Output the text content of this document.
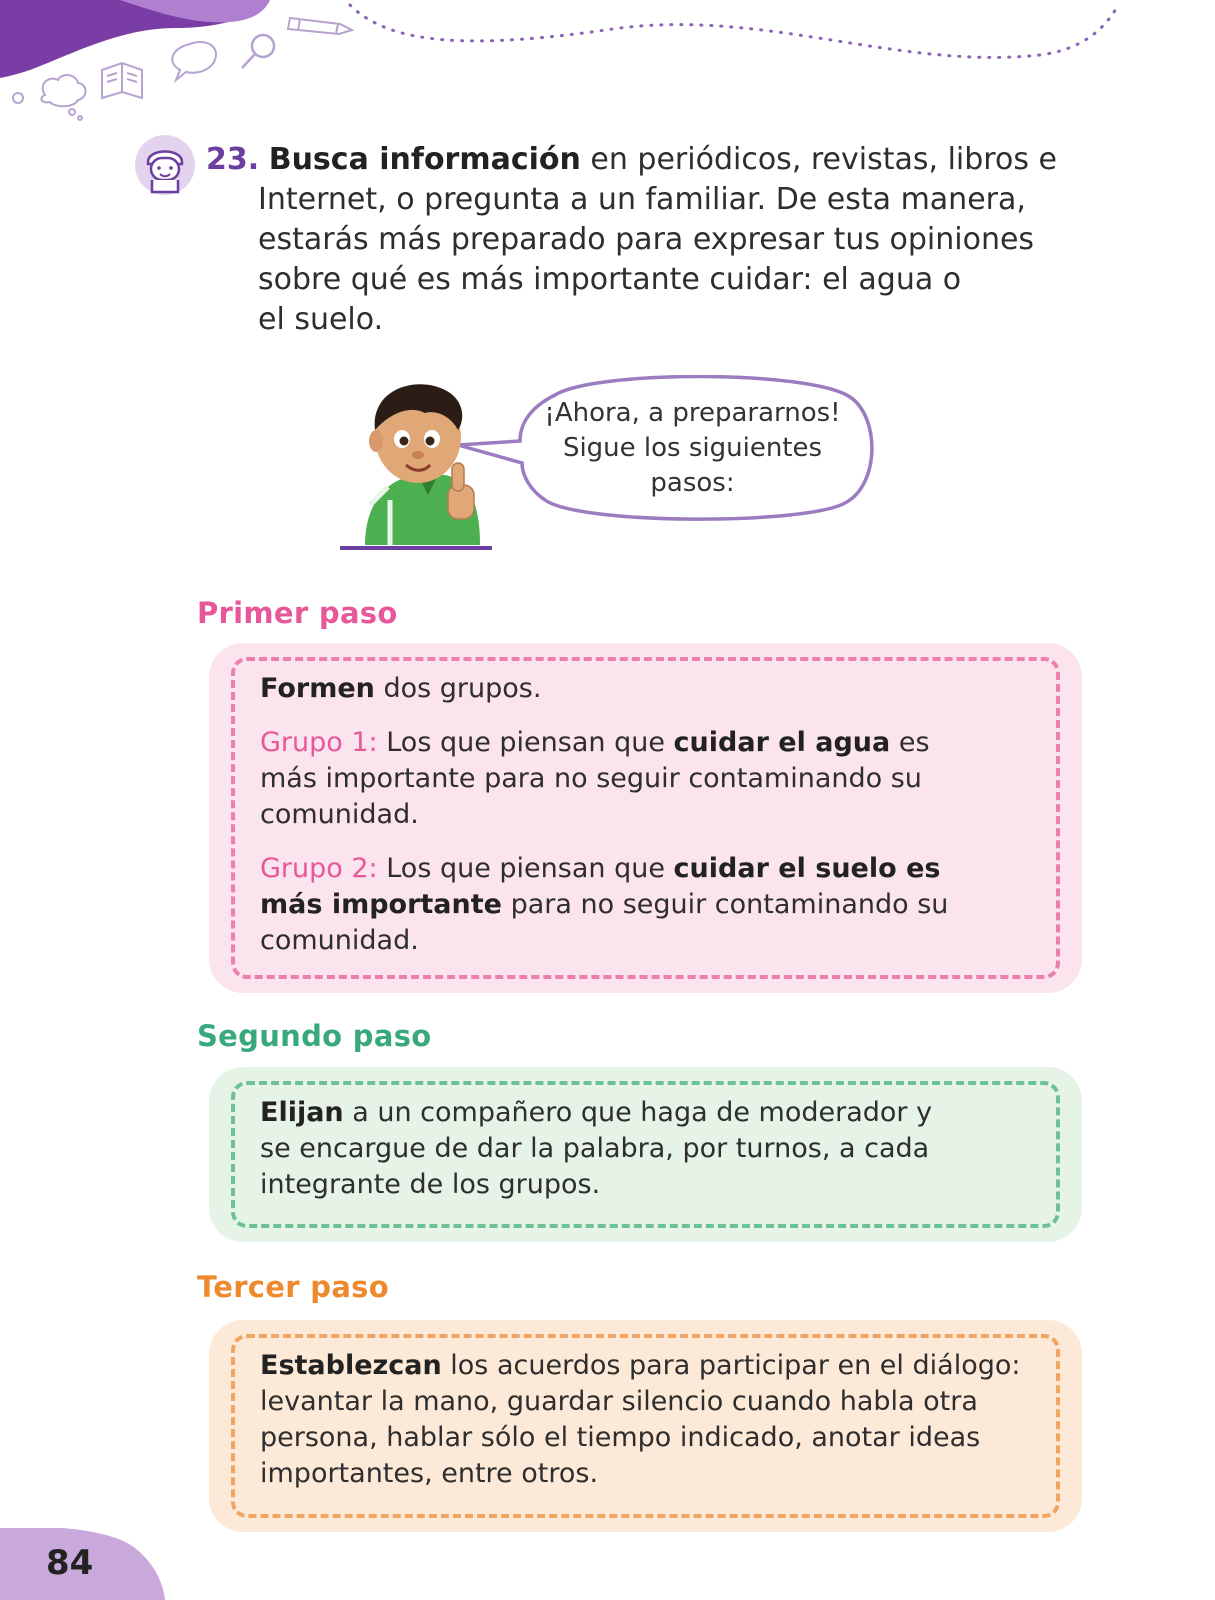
23. Busca información en periódicos, revistas, libros e
Internet, o pregunta a un familiar. De esta manera,
estarás más preparado para expresar tus opiniones
sobre qué es más importante cuidar: el agua o
el suelo.
¡Ahora, a prepararnos!
Sigue los siguientes
pasos:
Primer paso

Formen dos grupos.

Grupo 1: Los que piensan que cuidar el agua es
más importante para no seguir contaminando su
comunidad.

Grupo 2: Los que piensan que cuidar el suelo es
más importante para no seguir contaminando su
comunidad.

Segundo paso
Elijan a un compañero que haga de moderador y
se encargue de dar la palabra, por turnos, a cada
integrante de los grupos.
Tercer paso
Establezcan los acuerdos para participar en el diálogo:
levantar la mano, guardar silencio cuando habla otra
persona, hablar sólo el tiempo indicado, anotar ideas
importantes, entre otros.
84
